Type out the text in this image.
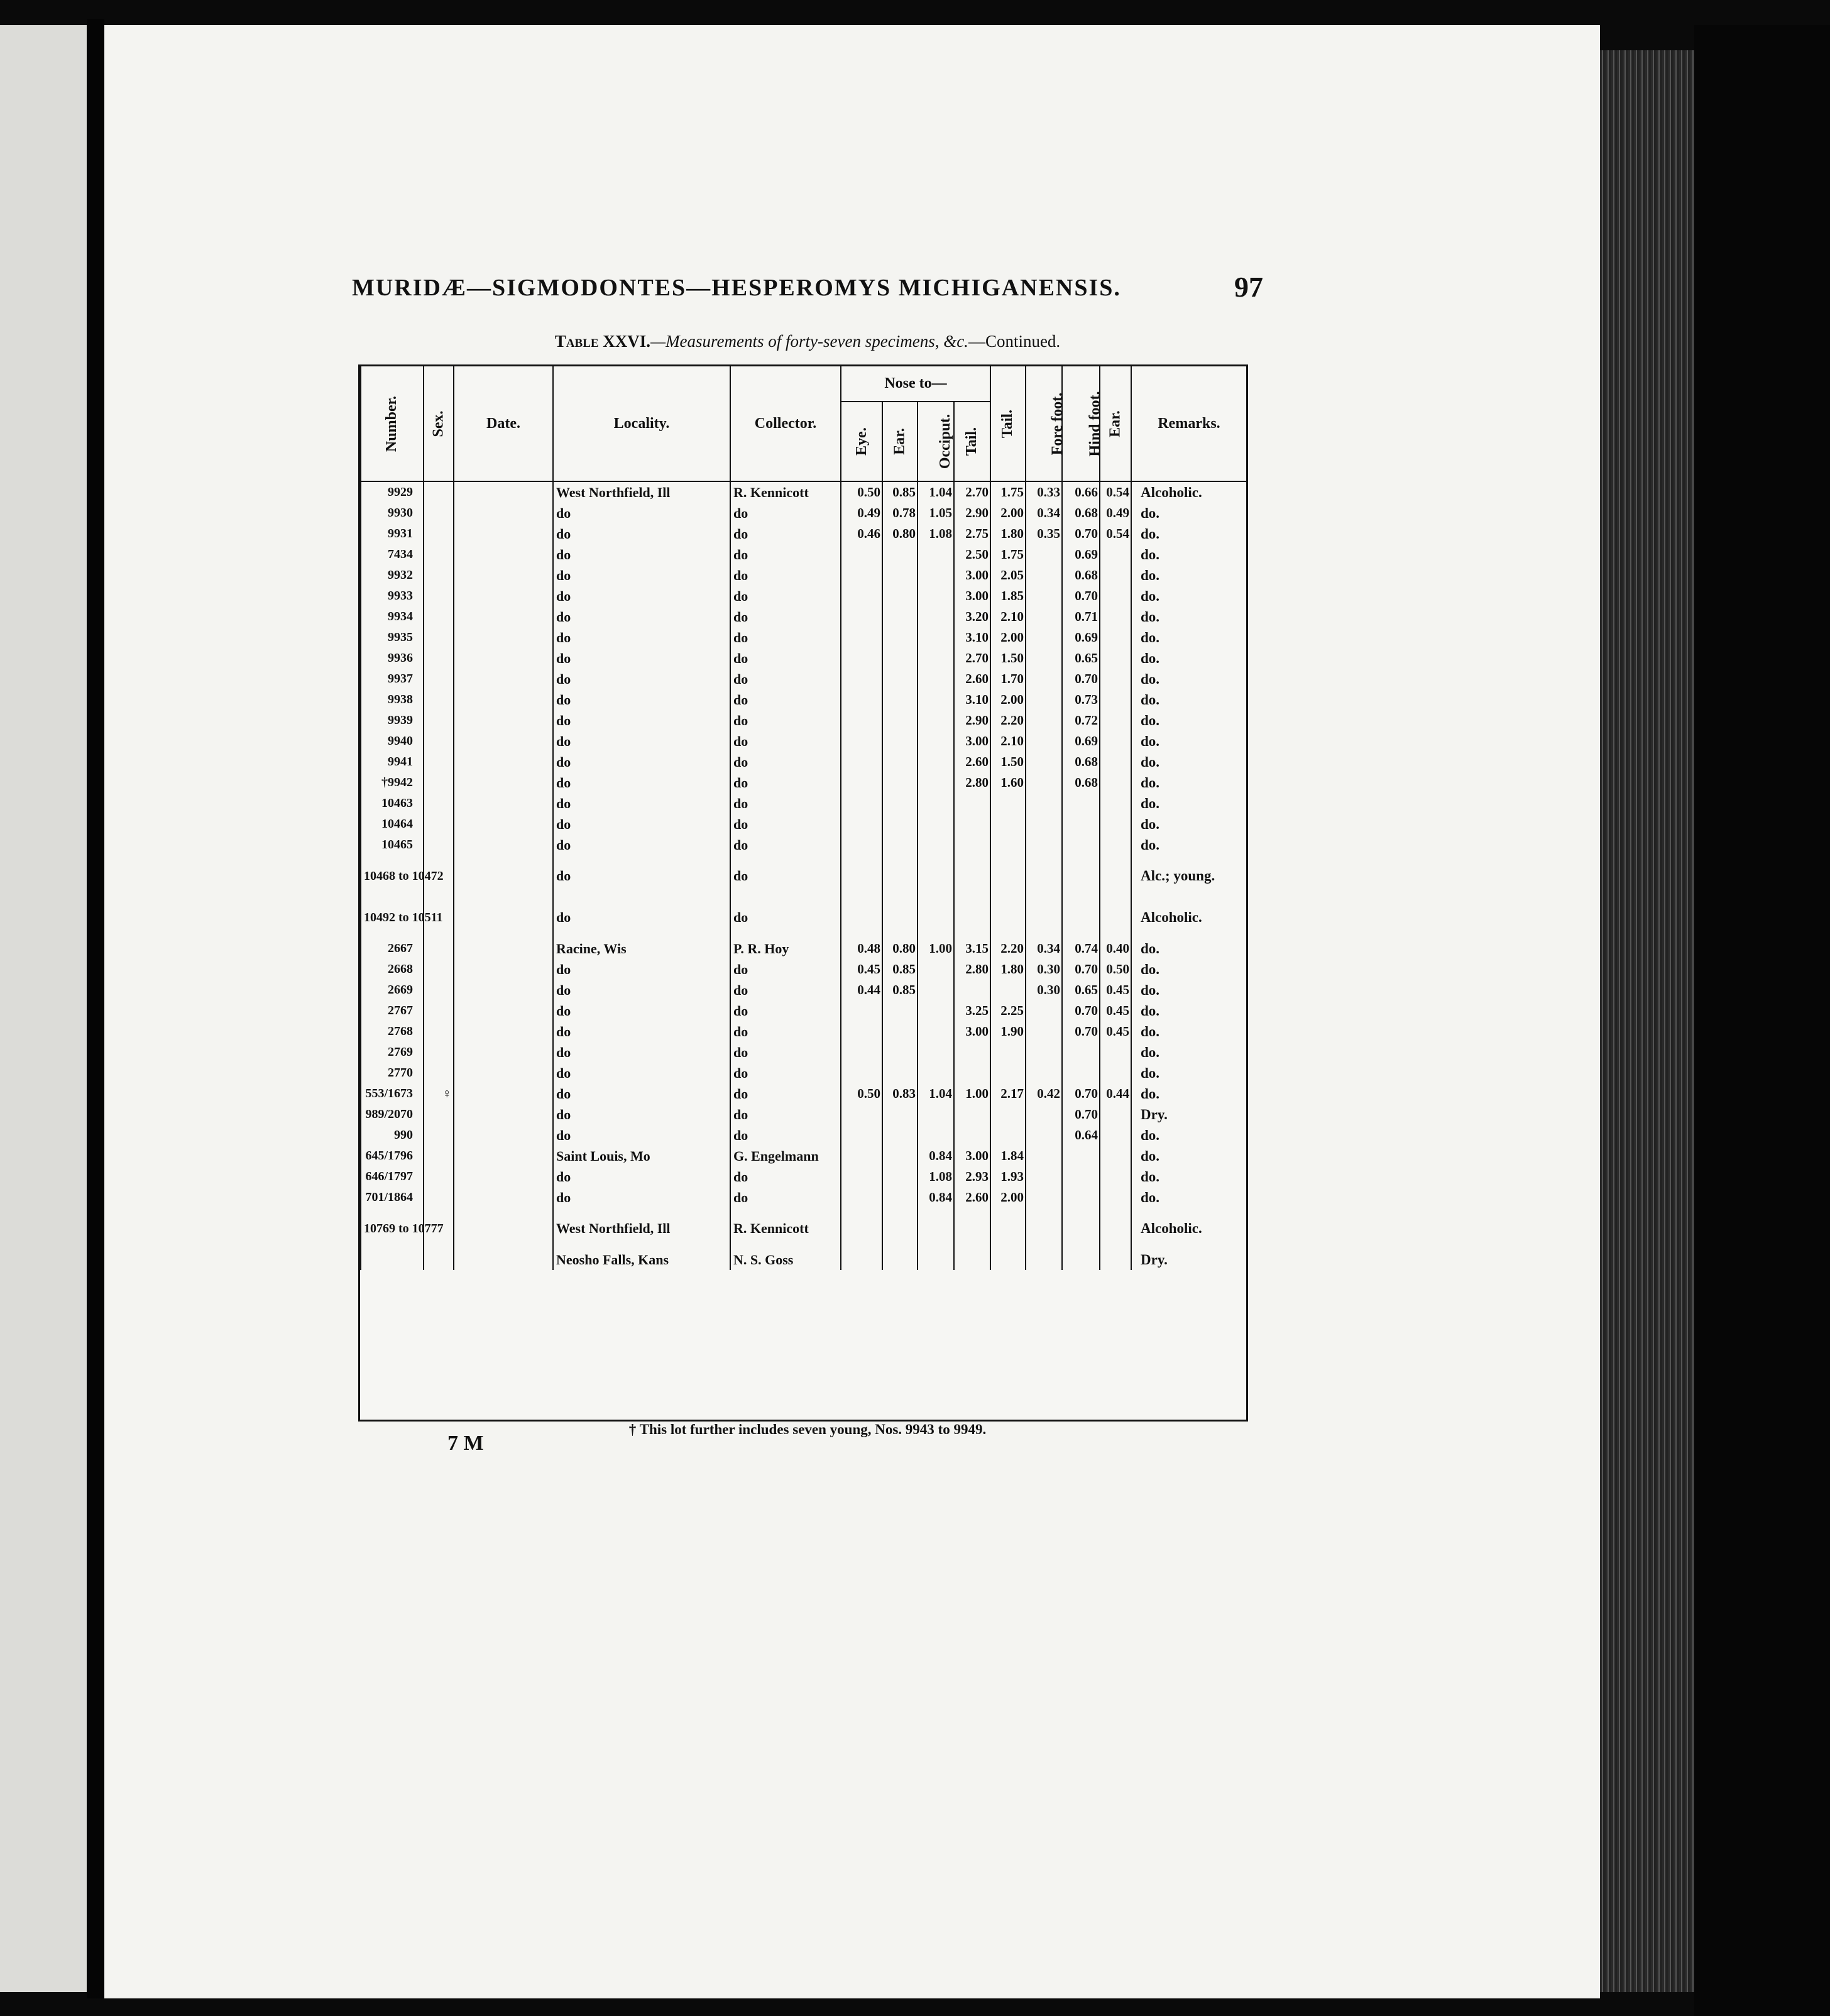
MURIDÆ—SIGMODONTES—HESPEROMYS MICHIGANENSIS.	97
Table XXVI.—Measurements of forty-seven specimens, &c.—Continued.
Number.	Sex.	Date.	Locality.	Collector.	Nose to—				Tail.	Fore foot.	Hind foot.	Ear.	Remarks.
					Eye.	Ear.	Occiput.	Tail.					
9929			West Northfield, Ill	R. Kennicott	0.50	0.85	1.04	2.70	1.75	0.33	0.66	0.54	Alcoholic.
9930			do	do	0.49	0.78	1.05	2.90	2.00	0.34	0.68	0.49	do.
9931			do	do	0.46	0.80	1.08	2.75	1.80	0.35	0.70	0.54	do.
7434			do	do				2.50	1.75		0.69		do.
9932			do	do				3.00	2.05		0.68		do.
9933			do	do				3.00	1.85		0.70		do.
9934			do	do				3.20	2.10		0.71		do.
9935			do	do				3.10	2.00		0.69		do.
9936			do	do				2.70	1.50		0.65		do.
9937			do	do				2.60	1.70		0.70		do.
9938			do	do				3.10	2.00		0.73		do.
9939			do	do				2.90	2.20		0.72		do.
9940			do	do				3.00	2.10		0.69		do.
9941			do	do				2.60	1.50		0.68		do.
†9942			do	do				2.80	1.60		0.68		do.
10463			do	do									do.
10464			do	do									do.
10465			do	do									do.
10468 to 10472			do	do									Alc.; young.
10492 to 10511			do	do									Alcoholic.
2667			Racine, Wis	P. R. Hoy	0.48	0.80	1.00	3.15	2.20	0.34	0.74	0.40	do.
2668			do	do	0.45	0.85		2.80	1.80	0.30	0.70	0.50	do.
2669			do	do	0.44	0.85				0.30	0.65	0.45	do.
2767			do	do				3.25	2.25		0.70	0.45	do.
2768			do	do				3.00	1.90		0.70	0.45	do.
2769			do	do									do.
2770			do	do									do.
553/1673	♀		do	do	0.50	0.83	1.04	1.00	2.17	0.42	0.70	0.44	do.
989/2070			do	do							0.70		Dry.
990			do	do							0.64		do.
645/1796			Saint Louis, Mo	G. Engelmann			0.84	3.00	1.84				do.
646/1797			do	do			1.08	2.93	1.93				do.
701/1864			do	do			0.84	2.60	2.00				do.
10769 to 10777			West Northfield, Ill	R. Kennicott									Alcoholic.
			Neosho Falls, Kans	N. S. Goss									Dry.
† This lot further includes seven young, Nos. 9943 to 9949.
7 M
